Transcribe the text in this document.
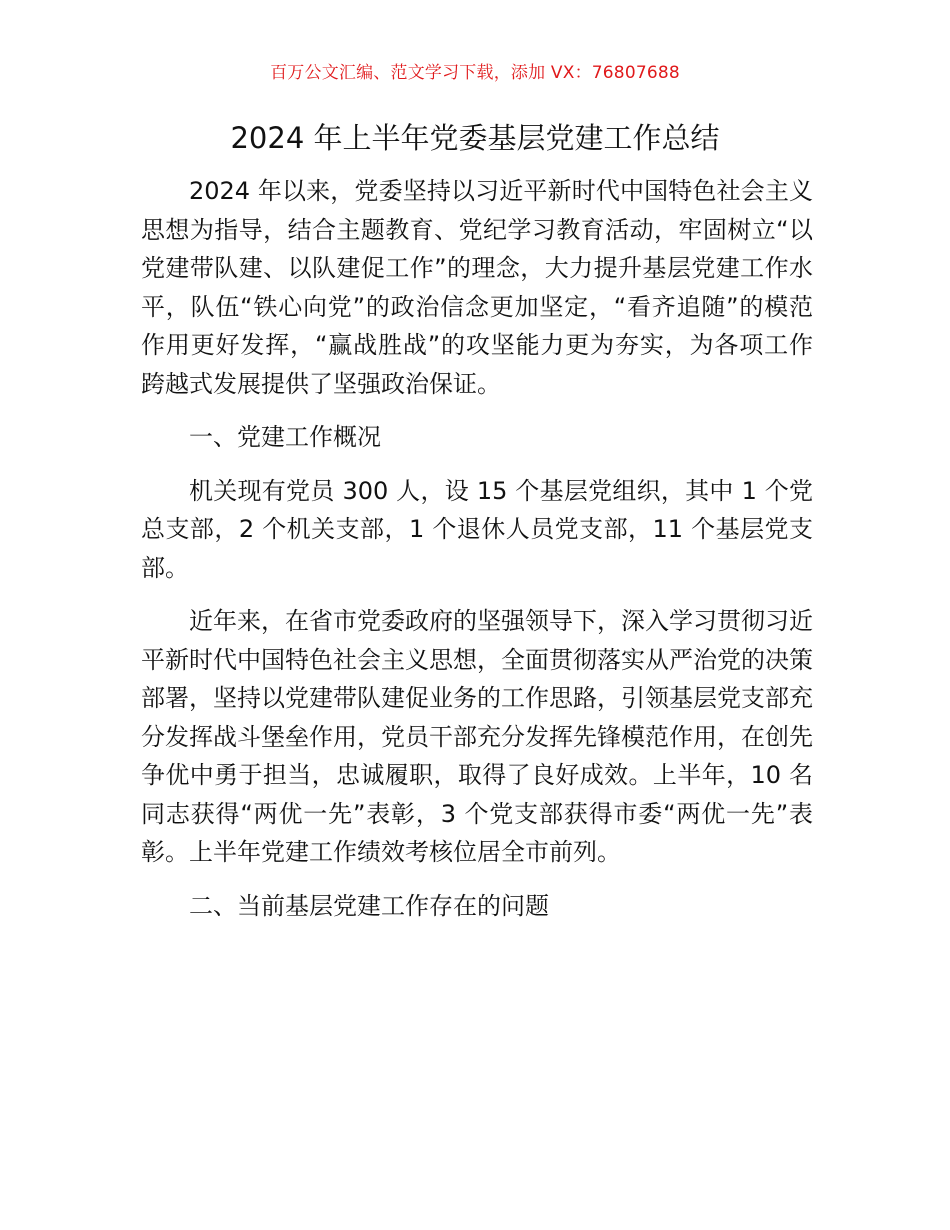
百万公文汇编、范文学习下载，添加 VX：76807688
2024 年上半年党委基层党建工作总结

2024 年以来，党委坚持以习近平新时代中国特色社会主义思想为指导，结合主题教育、党纪学习教育活动，牢固树立“以党建带队建、以队建促工作”的理念，大力提升基层党建工作水平，队伍“铁心向党”的政治信念更加坚定，“看齐追随”的模范作用更好发挥，“赢战胜战”的攻坚能力更为夯实，为各项工作跨越式发展提供了坚强政治保证。

一、党建工作概况

机关现有党员 300 人，设 15 个基层党组织，其中 1 个党总支部，2 个机关支部，1 个退休人员党支部，11 个基层党支部。

近年来，在省市党委政府的坚强领导下，深入学习贯彻习近平新时代中国特色社会主义思想，全面贯彻落实从严治党的决策部署，坚持以党建带队建促业务的工作思路，引领基层党支部充分发挥战斗堡垒作用，党员干部充分发挥先锋模范作用，在创先争优中勇于担当，忠诚履职，取得了良好成效。上半年，10 名同志获得“两优一先”表彰，3 个党支部获得市委“两优一先”表彰。上半年党建工作绩效考核位居全市前列。

二、当前基层党建工作存在的问题
